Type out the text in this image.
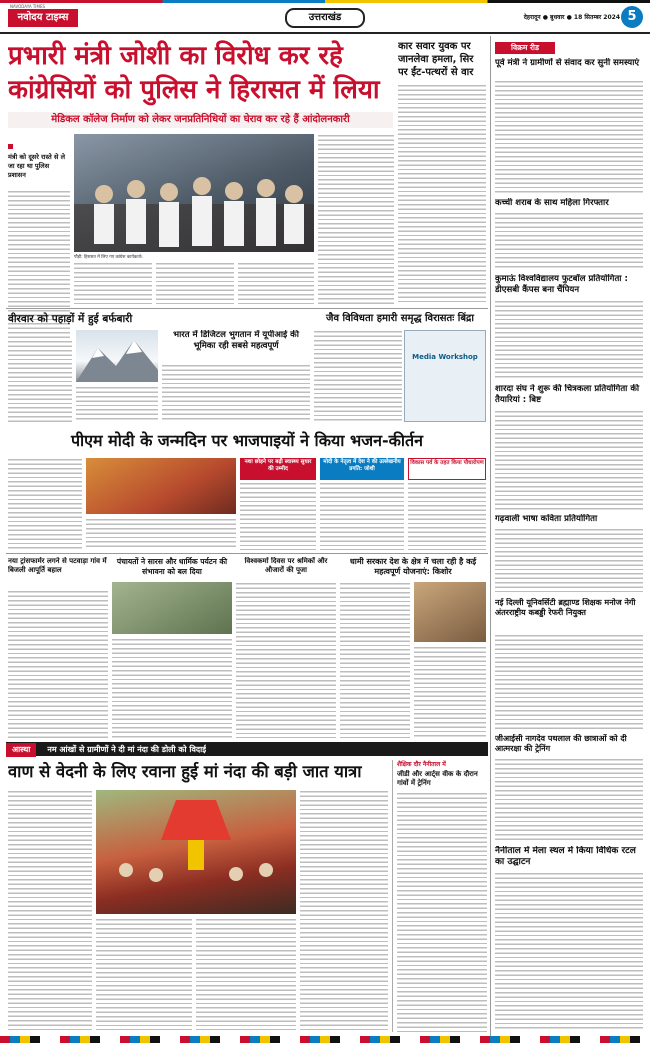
NAVODAYA TIMES
नवोदय टाइम्स	उत्तराखंड	देहरादून ● बुधवार ● 18 सितम्बर 2024 5
प्रभारी मंत्री जोशी का विरोध कर रहे
कांग्रेसियों को पुलिस ने हिरासत में लिया
मेडिकल कॉलेज निर्माण को लेकर जनप्रतिनिधियों का घेराव कर रहे हैं आंदोलनकारी
मंत्री को दूसरे रास्ते से ले जा रहा था पुलिस प्रशासन
पौड़ी: हिरासत में लिए गए कांग्रेस कार्यकर्ता।
कार सवार युवक पर जानलेवा हमला, सिर पर ईंट-पत्थरों से वार
विक्रम रीड
पूर्व मंत्री ने ग्रामीणों से संवाद कर सुनी समस्याएं
कच्ची शराब के साथ महिला गिरफ्तार
कुमाऊं विश्वविद्यालय फुटबॉल प्रतियोगिता : डीएसबी कैंपस बना चैंपियन
शारदा संघ ने शुरू की चित्रकला प्रतियोगिता की तैयारियां : बिष्ट
गढ़वाली भाषा कविता प्रतियोगिता
नई दिल्ली यूनिवर्सिटी ब्रह्माण्ड शिक्षक मनोज नेगी अंतरराष्ट्रीय कबड्डी रेफरी नियुक्त
जीआईसी नागदेव पथलाल की छात्राओं को दी आत्मरक्षा की ट्रेनिंग
नैनीताल में मेला स्थल में किया विधिक रटल का उद्घाटन
वीरवार को पहाड़ों में हुई बर्फबारी
भारत में डिजिटल भुगतान में यूपीआई की भूमिका रही सबसे महत्वपूर्ण
जैव विविधता हमारी समृद्ध विरासतः बिंद्रा
Media Workshop
पीएम मोदी के जन्मदिन पर भाजपाइयों ने किया भजन-कीर्तन
नशा छोड़ने पर बढ़ी स्वास्थ्य सुधार की उम्मीद
मोदी के नेतृत्व में देश ने की उल्लेखनीय प्रगति: जोशी
विकास पर्व के तहत किया पौधारोपण
नया ट्रांसफार्मर लगने से पटवाड़ा गांव में बिजली आपूर्ति बहाल
पंचायतों ने सारस और धार्मिक पर्यटन की संभावना को बल दिया
विश्वकर्मा दिवस पर श्रमिकों और औजारों की पूजा
धामी सरकार देश के क्षेत्र में चला रही है कई महत्वपूर्ण योजनाएं: किशोर
आस्था नम आंखों से ग्रामीणों ने दी मां नंदा की डोली को विदाई
वाण से वेदनी के लिए रवाना हुई मां नंदा की बड़ी जात यात्रा	शैक्षिक दौर नैनीताल में
जीडी और आर्ट्स वीक के दौरान गांवों में ट्रेनिंग
